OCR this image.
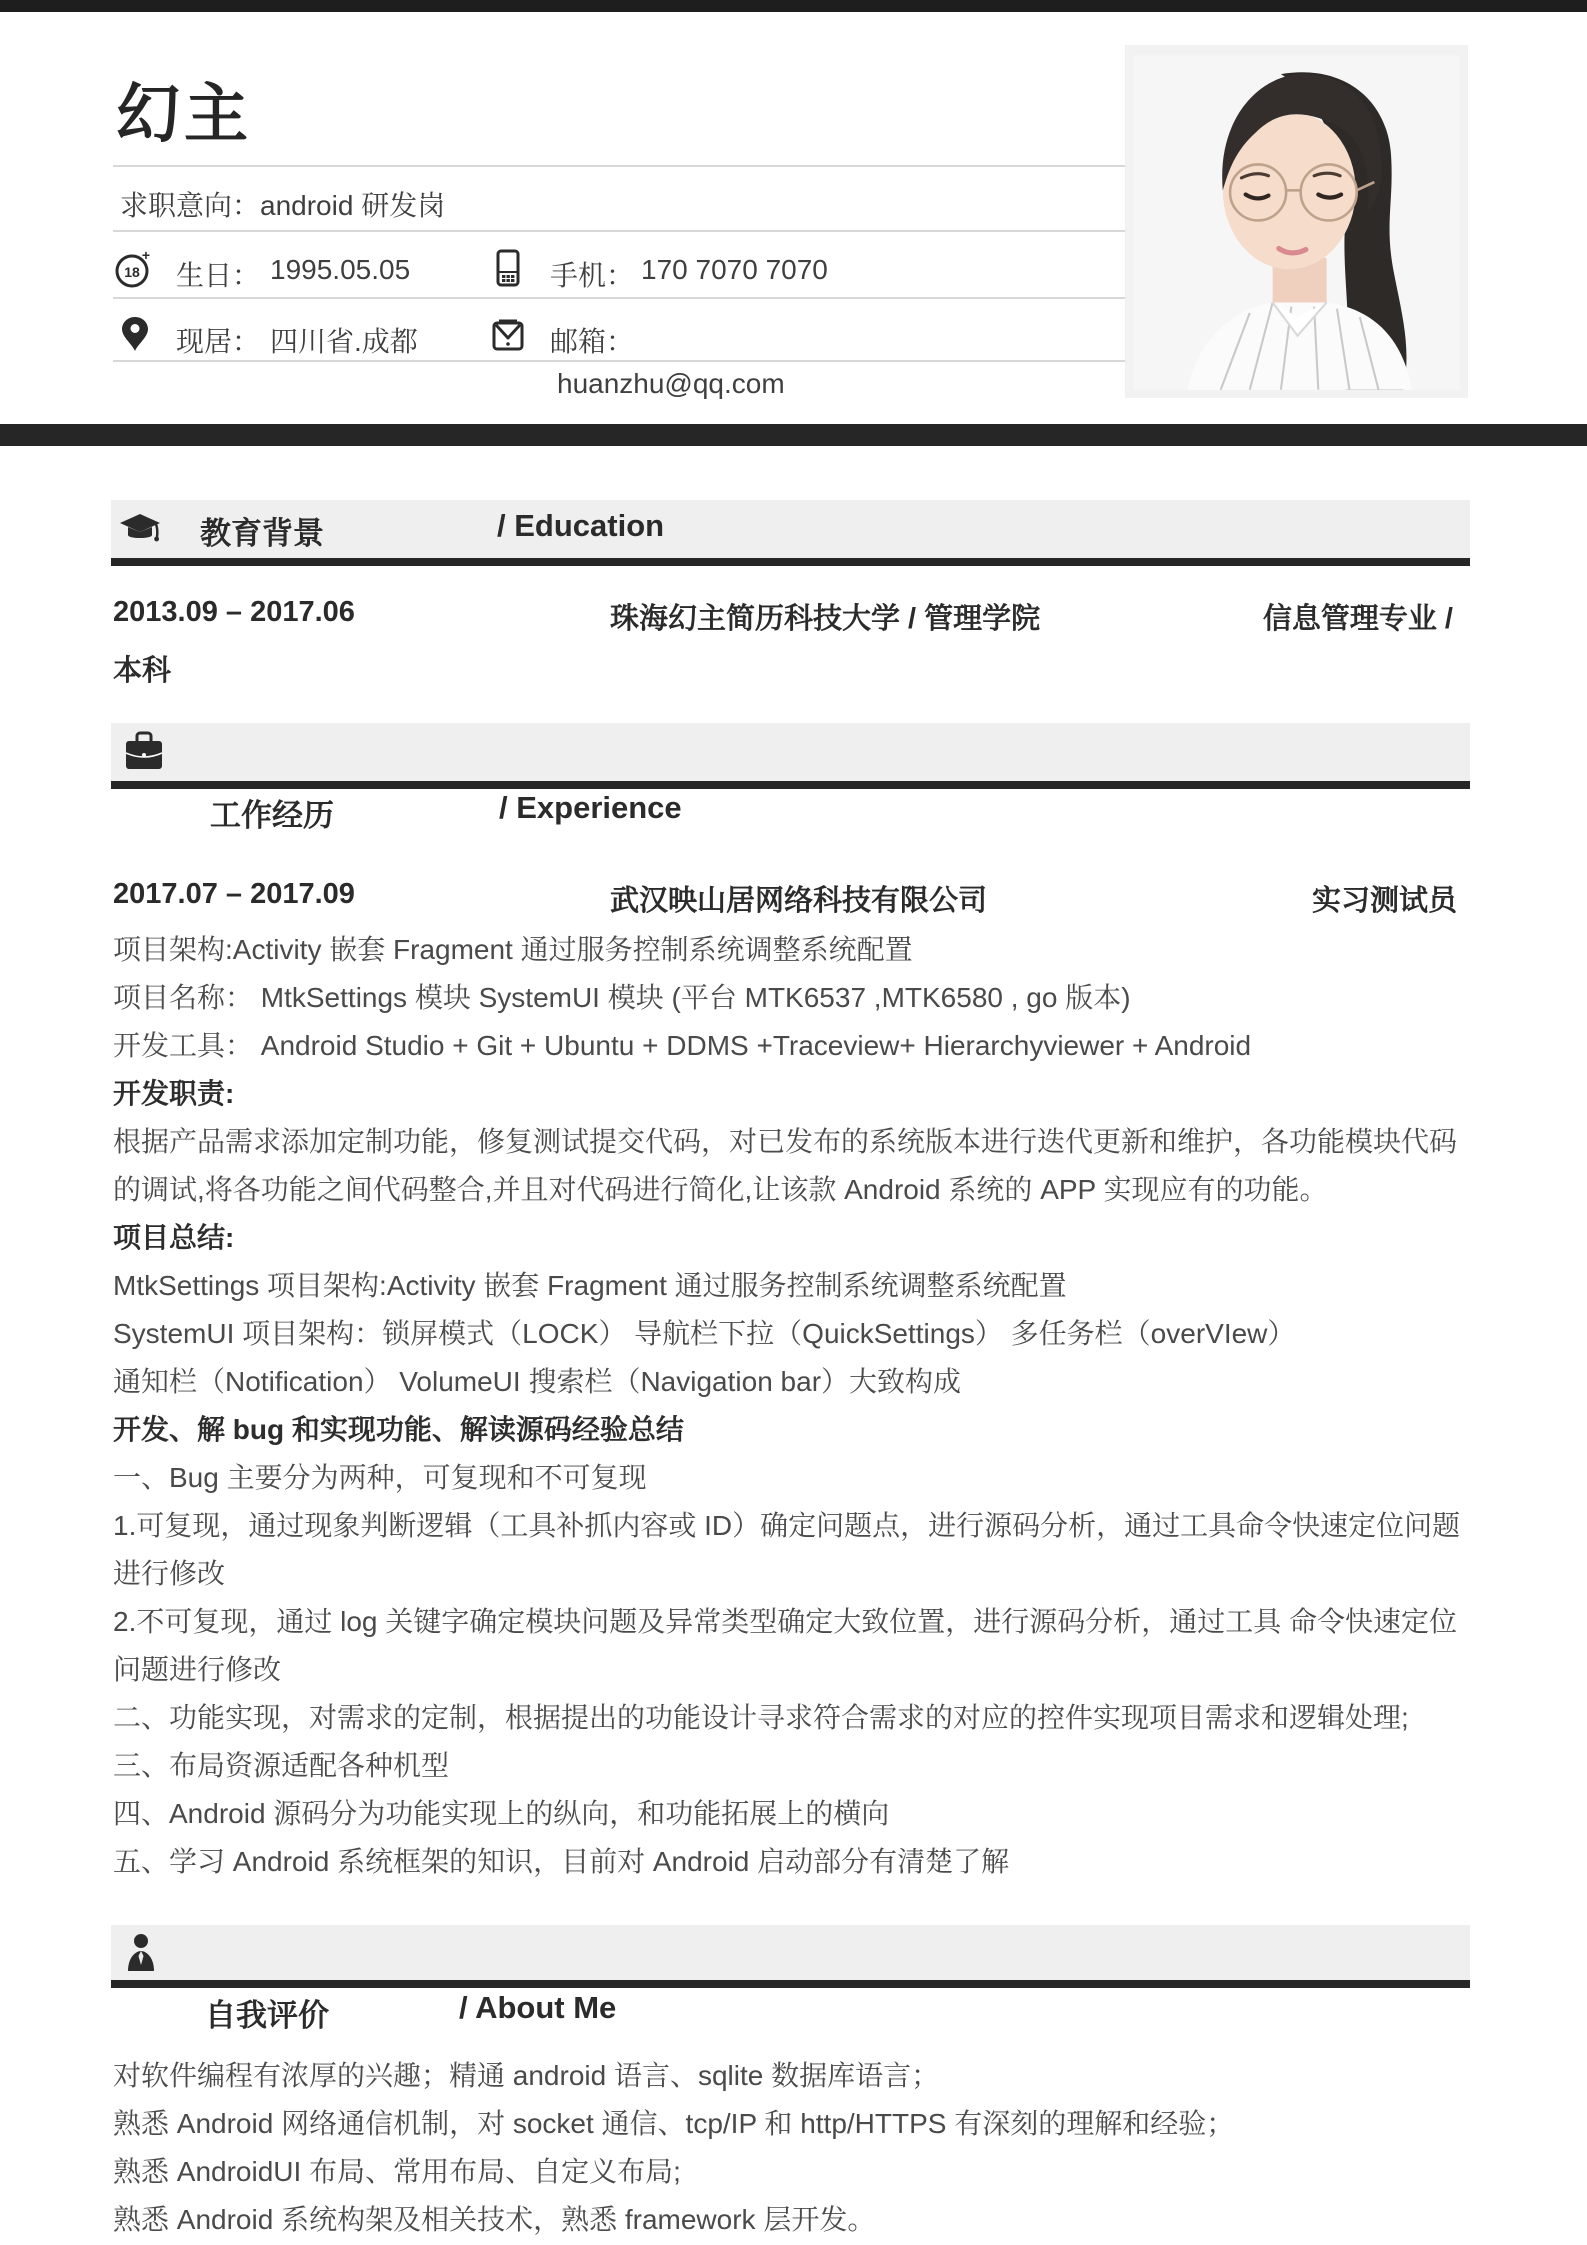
幻主
求职意向：android 研发岗
18
+
生日： 1995.05.05	手机： 170 7070 7070
现居： 四川省.成都	邮箱：
huanzhu@qq.com
教育背景	/ Education
2013.09 – 2017.06	珠海幻主简历科技大学 / 管理学院	信息管理专业 /
本科
工作经历	/ Experience
2017.07 – 2017.09	武汉映山居网络科技有限公司	实习测试员
项目架构:Activity 嵌套 Fragment 通过服务控制系统调整系统配置
项目名称： MtkSettings 模块 SystemUI 模块 (平台 MTK6537 ,MTK6580 , go 版本)
开发工具： Android Studio + Git + Ubuntu + DDMS +Traceview+ Hierarchyviewer + Android
开发职责:
根据产品需求添加定制功能，修复测试提交代码，对已发布的系统版本进行迭代更新和维护，各功能模块代码
的调试,将各功能之间代码整合,并且对代码进行简化,让该款 Android 系统的 APP 实现应有的功能。
项目总结:
MtkSettings 项目架构:Activity 嵌套 Fragment 通过服务控制系统调整系统配置
SystemUI 项目架构：锁屏模式（LOCK） 导航栏下拉（QuickSettings） 多任务栏（overVIew）
通知栏（Notification） VolumeUI 搜索栏（Navigation bar）大致构成
开发、解 bug 和实现功能、解读源码经验总结
一、Bug 主要分为两种，可复现和不可复现
1.可复现，通过现象判断逻辑（工具补抓内容或 ID）确定问题点，进行源码分析，通过工具命令快速定位问题
进行修改
2.不可复现，通过 log 关键字确定模块问题及异常类型确定大致位置，进行源码分析，通过工具 命令快速定位
问题进行修改
二、功能实现，对需求的定制，根据提出的功能设计寻求符合需求的对应的控件实现项目需求和逻辑处理;
三、布局资源适配各种机型
四、Android 源码分为功能实现上的纵向，和功能拓展上的横向
五、学习 Android 系统框架的知识，目前对 Android 启动部分有清楚了解
自我评价	/ About Me
对软件编程有浓厚的兴趣；精通 android 语言、sqlite 数据库语言；
熟悉 Android 网络通信机制，对 socket 通信、tcp/IP 和 http/HTTPS 有深刻的理解和经验；
熟悉 AndroidUI 布局、常用布局、自定义布局;
熟悉 Android 系统构架及相关技术，熟悉 framework 层开发。
